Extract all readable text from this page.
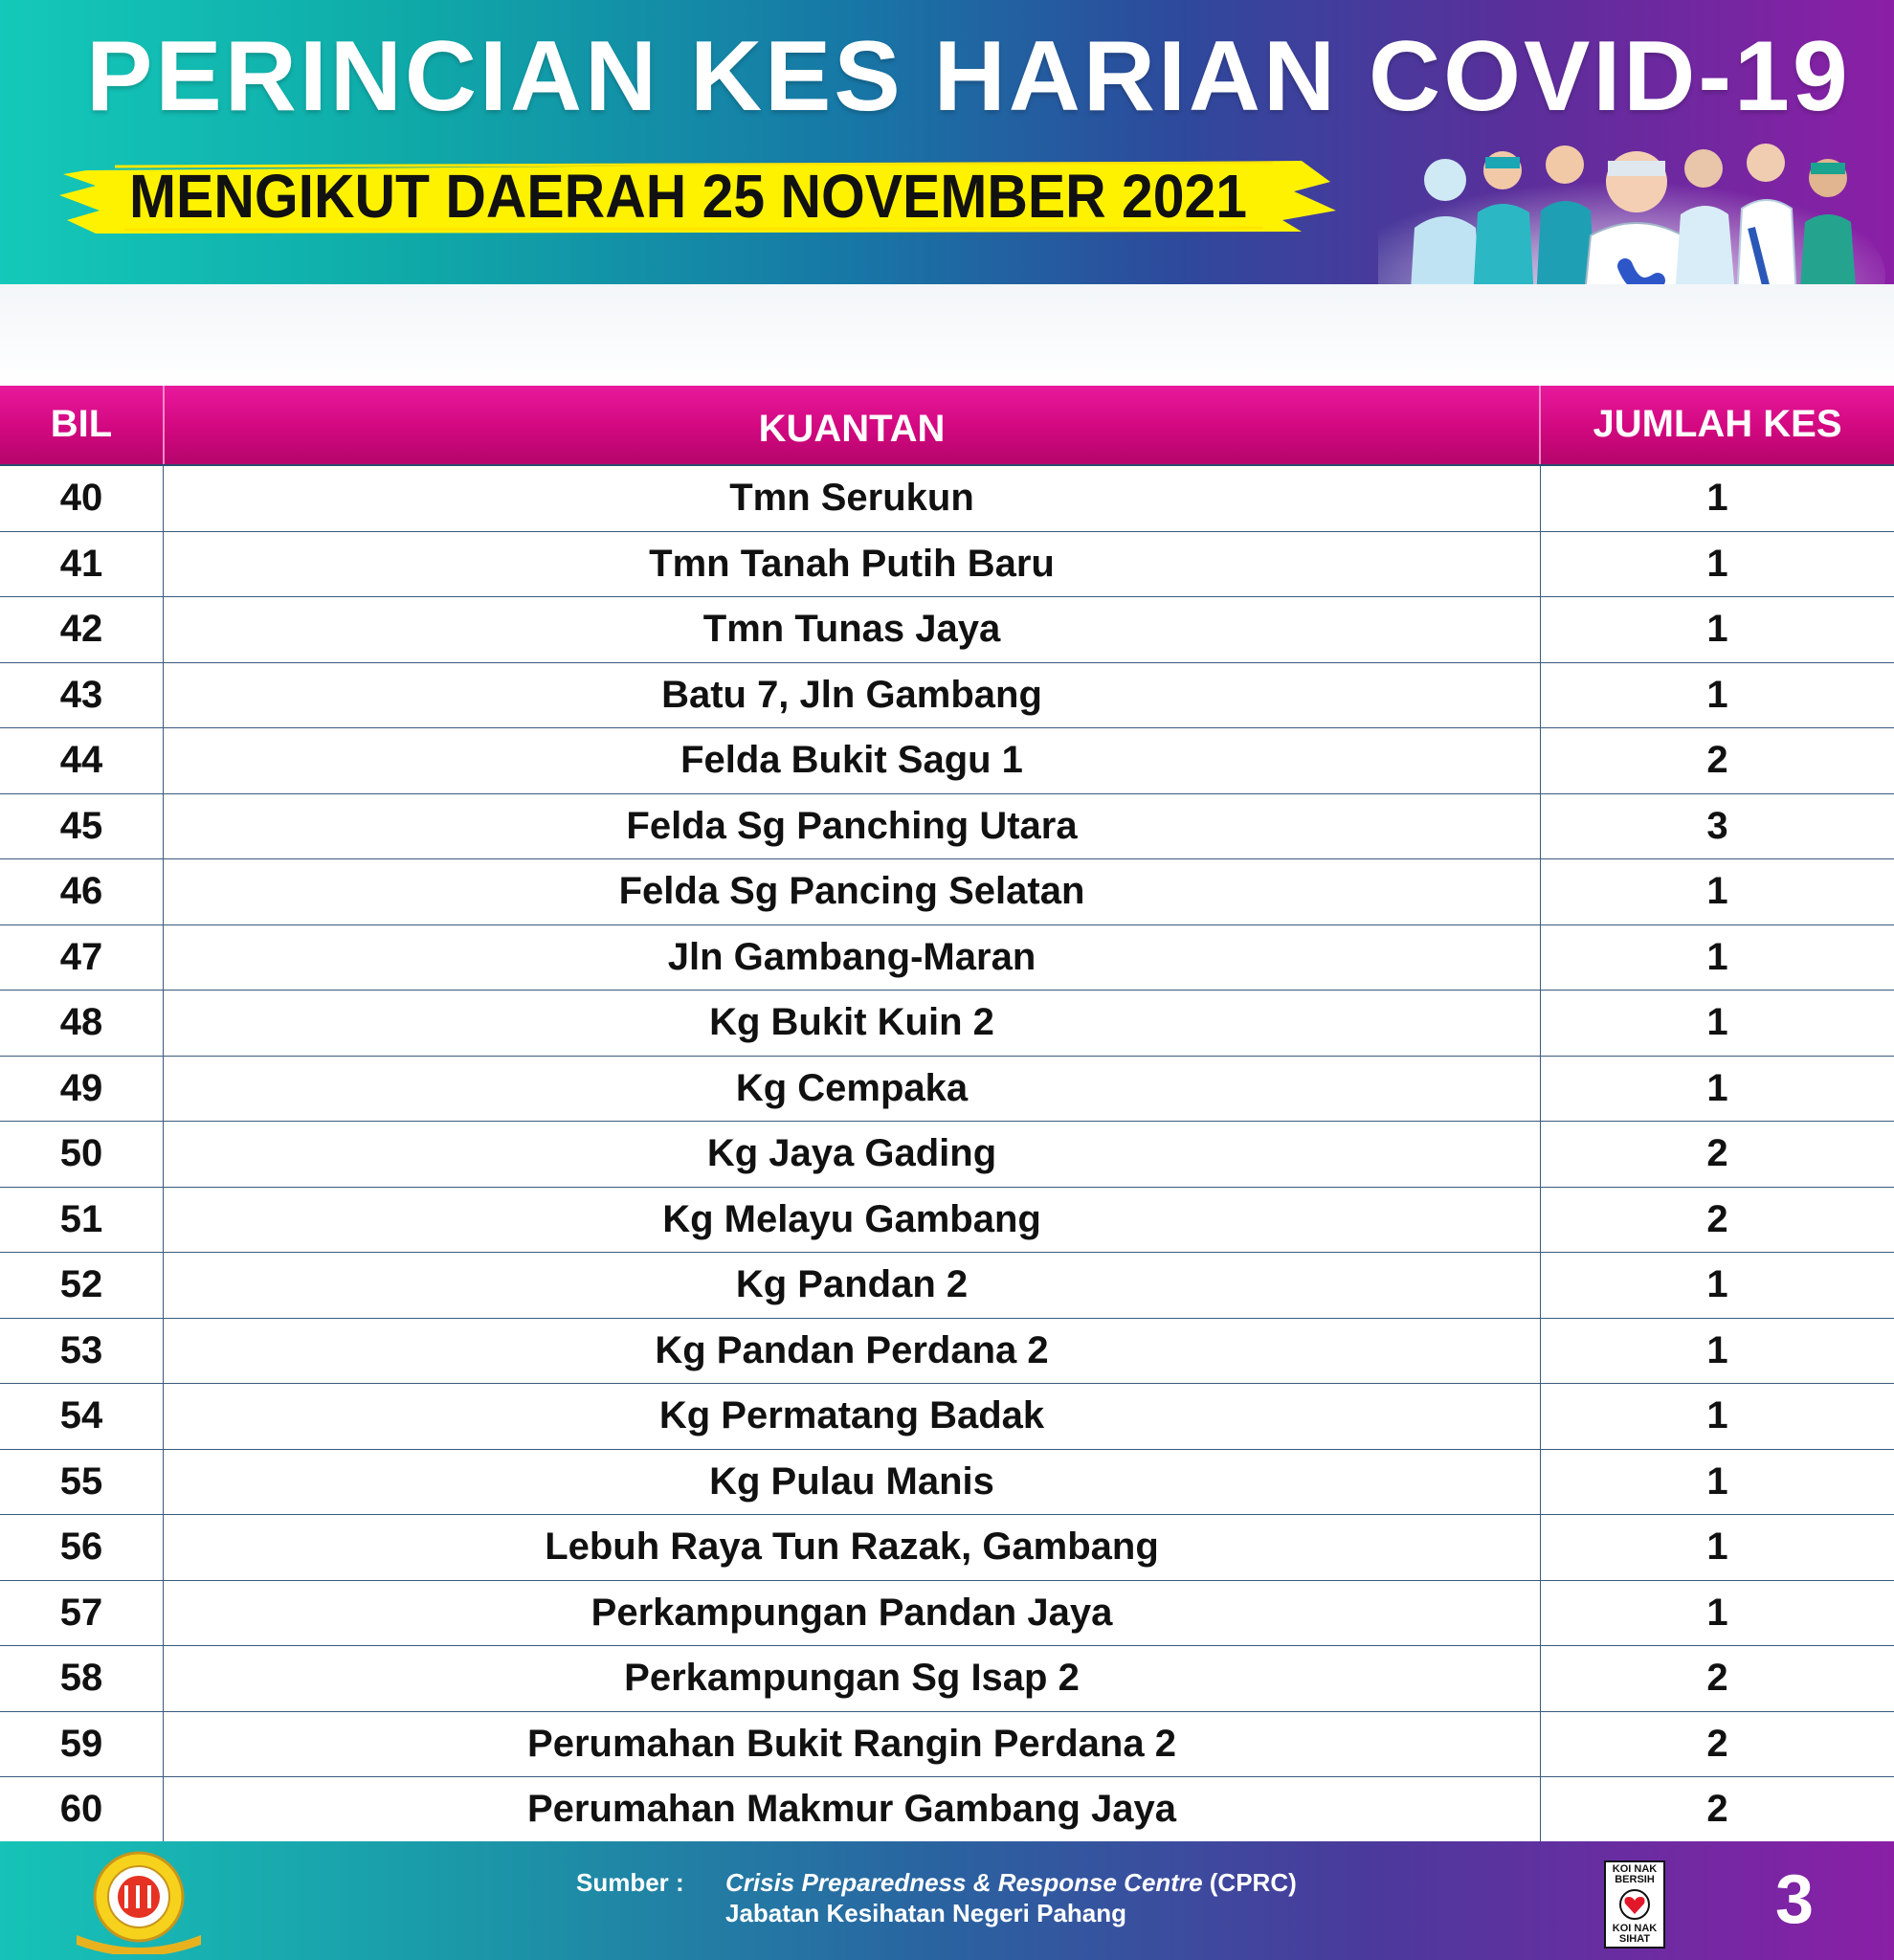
PERINCIAN KES HARIAN COVID-19
MENGIKUT DAERAH 25 NOVEMBER 2021
BIL	KUANTAN	JUMLAH KES
40	Tmn Serukun	1
41	Tmn Tanah Putih Baru	1
42	Tmn Tunas Jaya	1
43	Batu 7, Jln Gambang	1
44	Felda Bukit Sagu 1	2
45	Felda Sg Panching Utara	3
46	Felda Sg Pancing Selatan	1
47	Jln Gambang-Maran	1
48	Kg Bukit Kuin 2	1
49	Kg Cempaka	1
50	Kg Jaya Gading	2
51	Kg Melayu Gambang	2
52	Kg Pandan 2	1
53	Kg Pandan Perdana 2	1
54	Kg Permatang Badak	1
55	Kg Pulau Manis	1
56	Lebuh Raya Tun Razak, Gambang	1
57	Perkampungan Pandan Jaya	1
58	Perkampungan Sg Isap 2	2
59	Perumahan Bukit Rangin Perdana 2	2
60	Perumahan Makmur Gambang Jaya	2
Sumber : Crisis Preparedness & Response Centre (CPRC)
Jabatan Kesihatan Negeri Pahang
KOI NAK BERSIH
KOI NAK SIHAT
3
